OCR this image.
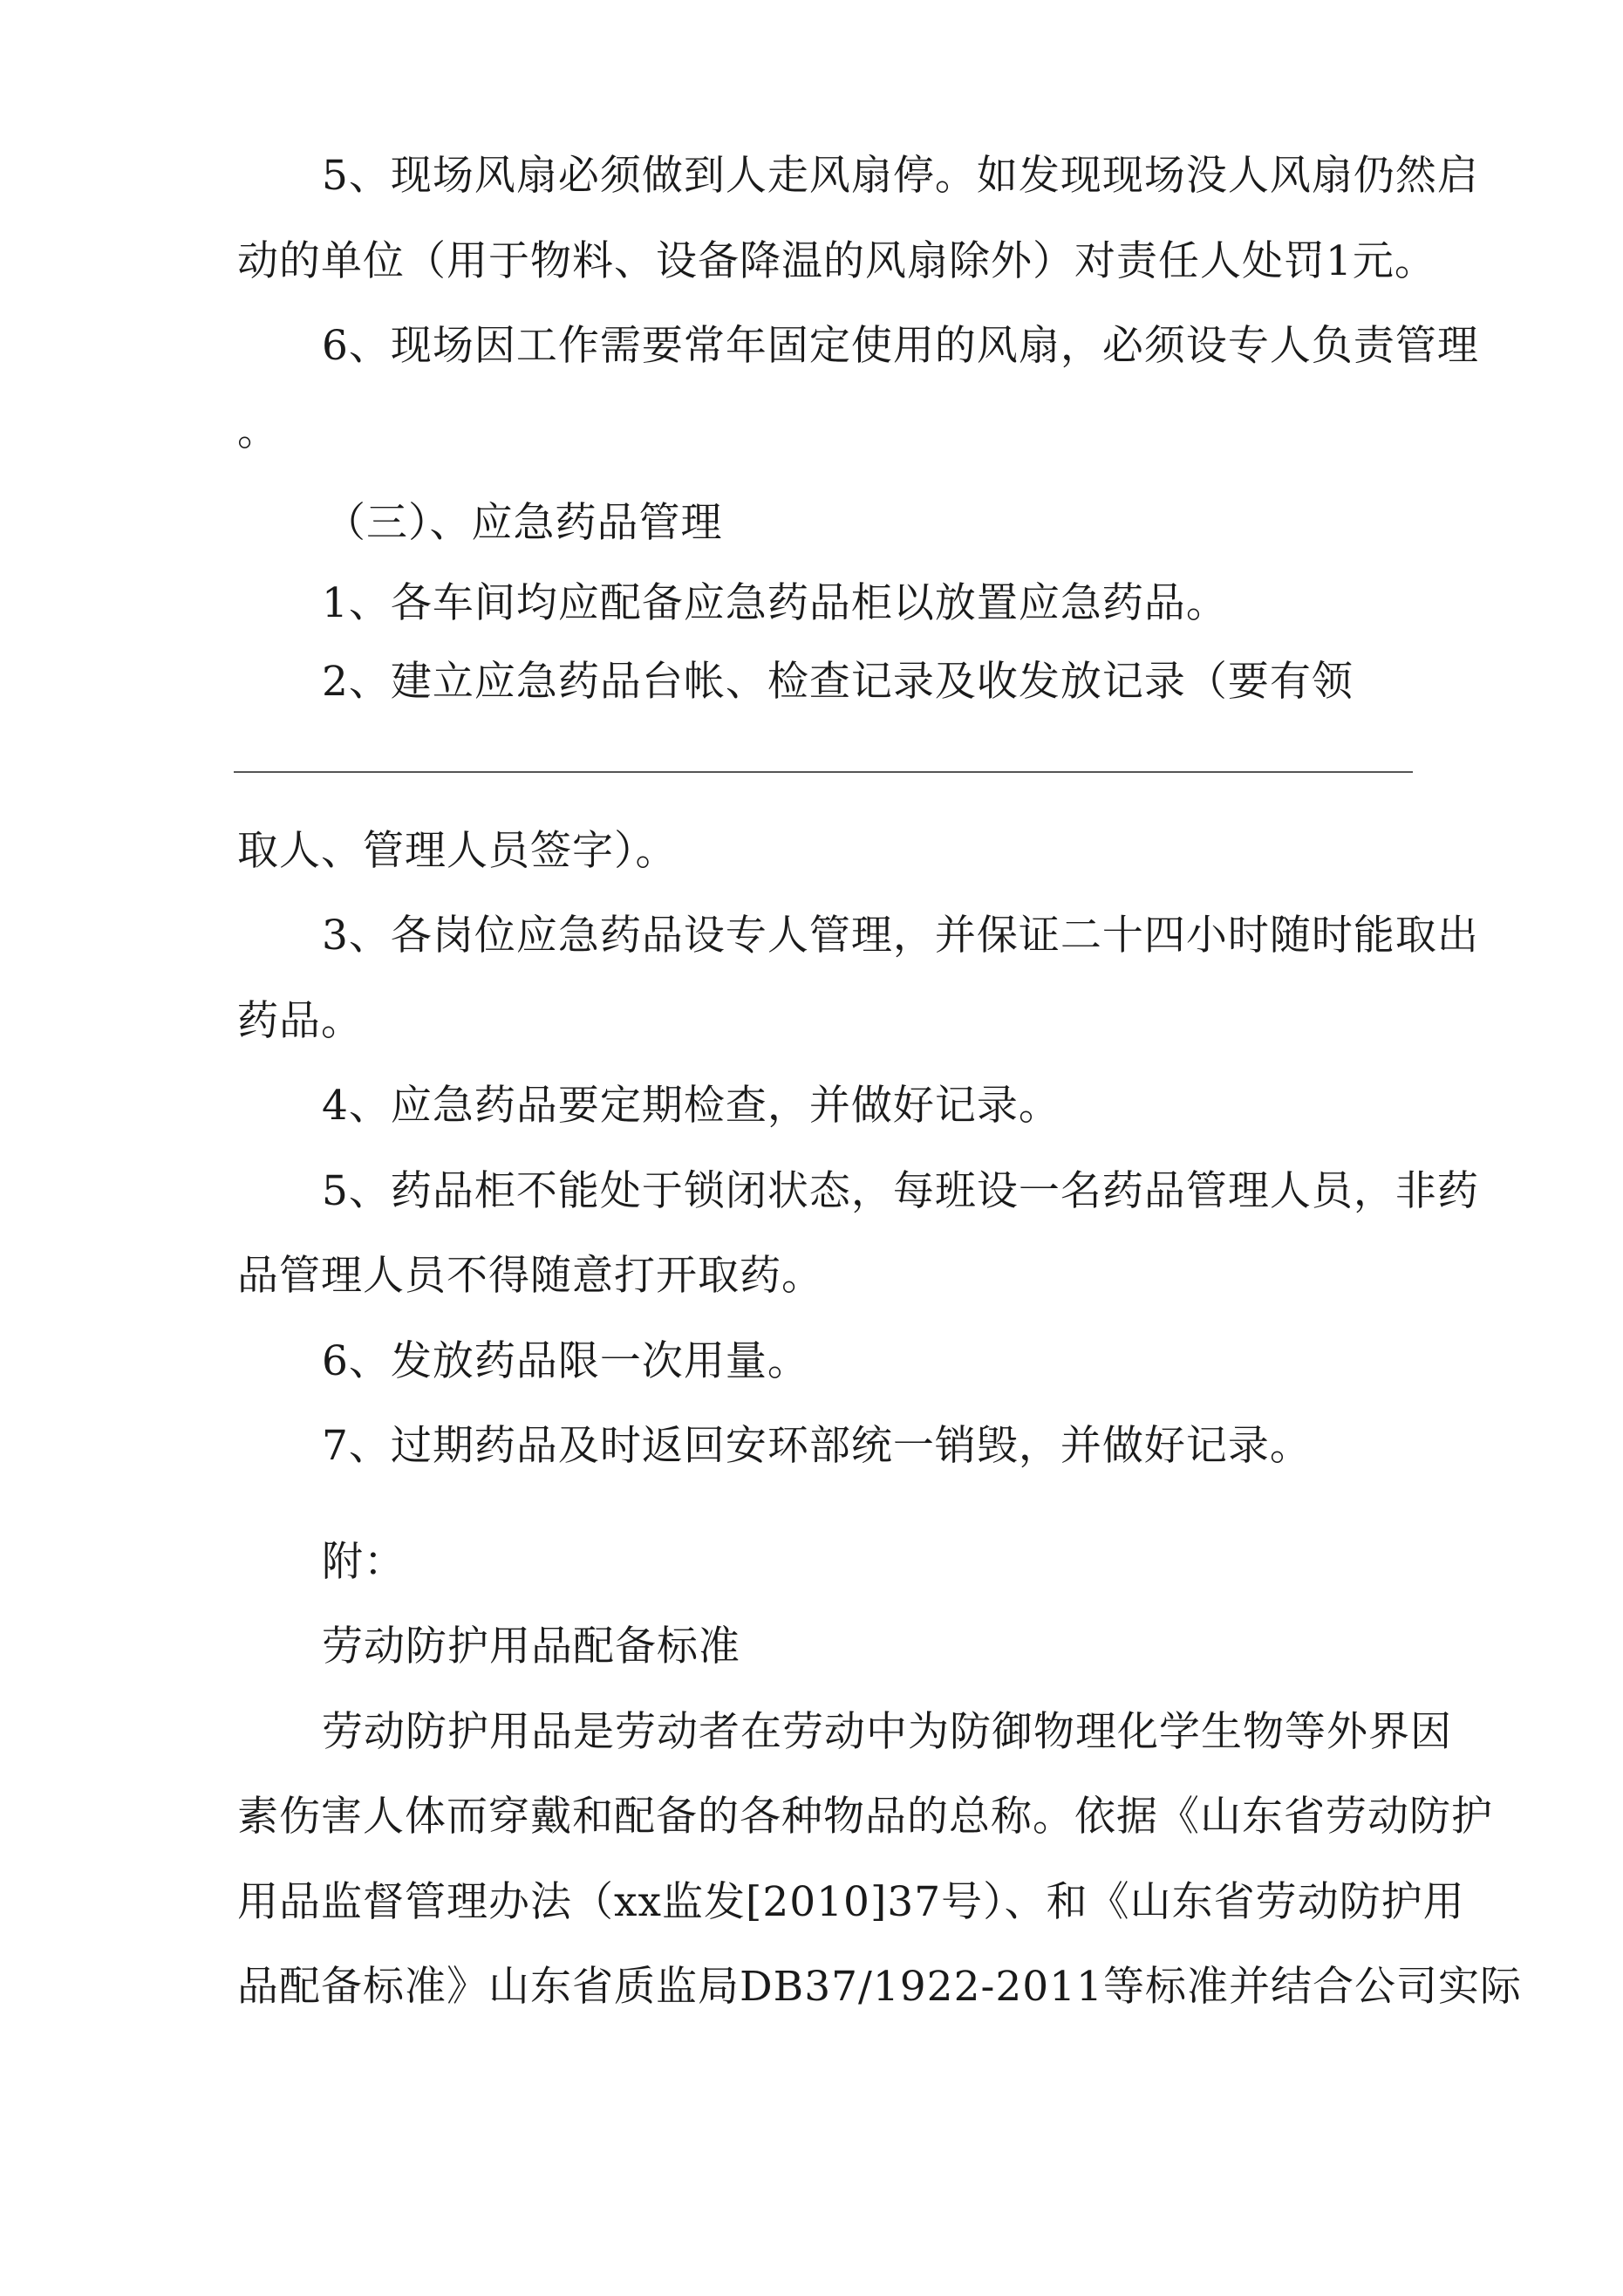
5、现场风扇必须做到人走风扇停。如发现现场没人风扇仍然启
动的单位（用于物料、设备降温的风扇除外）对责任人处罚1元。
6、现场因工作需要常年固定使用的风扇，必须设专人负责管理
。
（三）、应急药品管理
1、各车间均应配备应急药品柜以放置应急药品。
2、建立应急药品台帐、检查记录及收发放记录（要有领
取人、管理人员签字）。
3、各岗位应急药品设专人管理，并保证二十四小时随时能取出
药品。
4、应急药品要定期检查，并做好记录。
5、药品柜不能处于锁闭状态，每班设一名药品管理人员，非药
品管理人员不得随意打开取药。
6、发放药品限一次用量。
7、过期药品及时返回安环部统一销毁，并做好记录。
附：
劳动防护用品配备标准
劳动防护用品是劳动者在劳动中为防御物理化学生物等外界因
素伤害人体而穿戴和配备的各种物品的总称。依据《山东省劳动防护
用品监督管理办法（xx监发[2010]37号）、和《山东省劳动防护用
品配备标准》山东省质监局DB37/1922-2011等标准并结合公司实际
